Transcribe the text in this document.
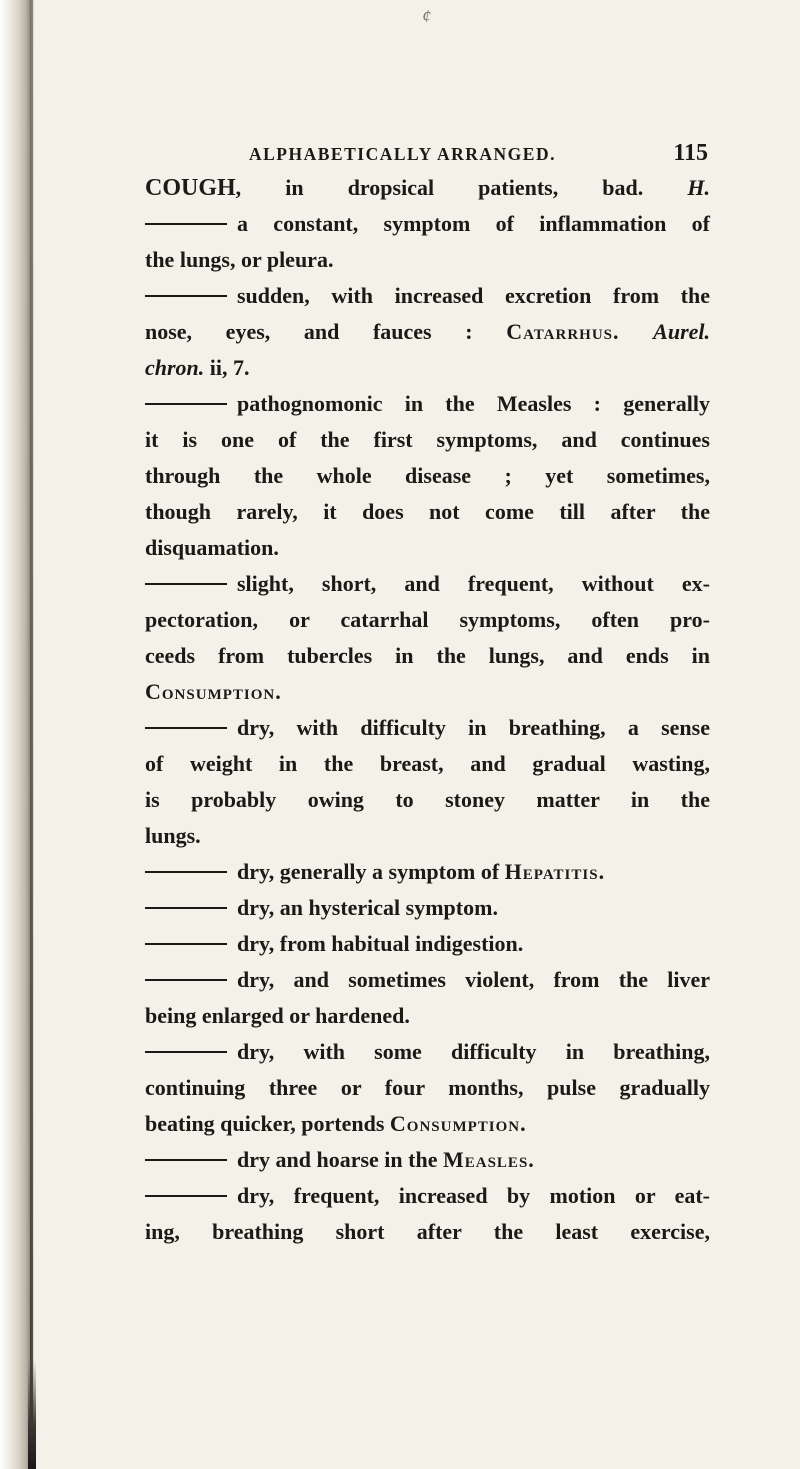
¢
ALPHABETICALLY ARRANGED.	115
COUGH, in dropsical patients, bad. H.
a constant, symptom of inflammation of
the lungs, or pleura.
sudden, with increased excretion from the
nose, eyes, and fauces : Catarrhus. Aurel.
chron. ii, 7.
pathognomonic in the Measles : generally
it is one of the first symptoms, and continues
through the whole disease ; yet sometimes,
though rarely, it does not come till after the
disquamation.
slight, short, and frequent, without ex-
pectoration, or catarrhal symptoms, often pro-
ceeds from tubercles in the lungs, and ends in
Consumption.
dry, with difficulty in breathing, a sense
of weight in the breast, and gradual wasting,
is probably owing to stoney matter in the
lungs.
dry, generally a symptom of Hepatitis.
dry, an hysterical symptom.
dry, from habitual indigestion.
dry, and sometimes violent, from the liver
being enlarged or hardened.
dry, with some difficulty in breathing,
continuing three or four months, pulse gradually
beating quicker, portends Consumption.
dry and hoarse in the Measles.
dry, frequent, increased by motion or eat-
ing, breathing short after the least exercise,
